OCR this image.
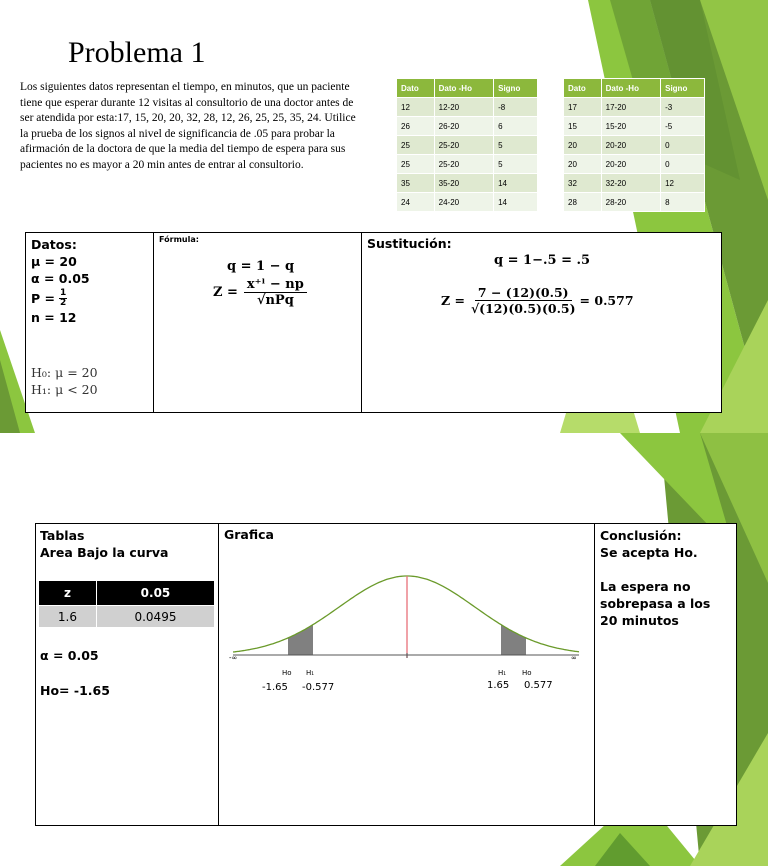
Problema 1
Los siguientes datos representan el tiempo, en minutos, que un paciente tiene que esperar durante 12 visitas al consultorio de una doctor antes de ser atendida por esta:17, 15, 20, 20, 32, 28, 12, 26, 25, 25, 35, 24. Utilice la prueba de los signos al nivel de significancia de .05 para probar la afirmación de la doctora de que la media del tiempo de espera para sus pacientes no es mayor a 20 min antes de entrar al consultorio.
Dato	Dato -Ho	Signo
12	12-20	-8
26	26-20	6
25	25-20	5
25	25-20	5
35	35-20	14
24	24-20	14
Dato	Dato -Ho	Signo
17	17-20	-3
15	15-20	-5
20	20-20	0
20	20-20	0
32	32-20	12
28	28-20	8
Datos:
μ = 20
α = 0.05
$P = \frac{1}{2}$
n = 12
H₀: μ = 20
H₁: μ < 20
Fórmula:
q = 1 − q
Z =
x⁺ˡ − np
√nPq
Sustitución:
q = 1−.5 = .5
$Z = \frac{7 - (12)(0.5)}{√(12)(0.5)(0.5)} = 0.577$
Tablas
Area Bajo la curva
z	0.05
1.6	0.0495
α = 0.05
Ho= -1.65
Grafica
-∞	∞
Ho H₁	H₁ Ho
-1.65 -0.577	1.65 0.577
Conclusión:
Se acepta Ho.
La espera no sobrepasa a los 20 minutos
